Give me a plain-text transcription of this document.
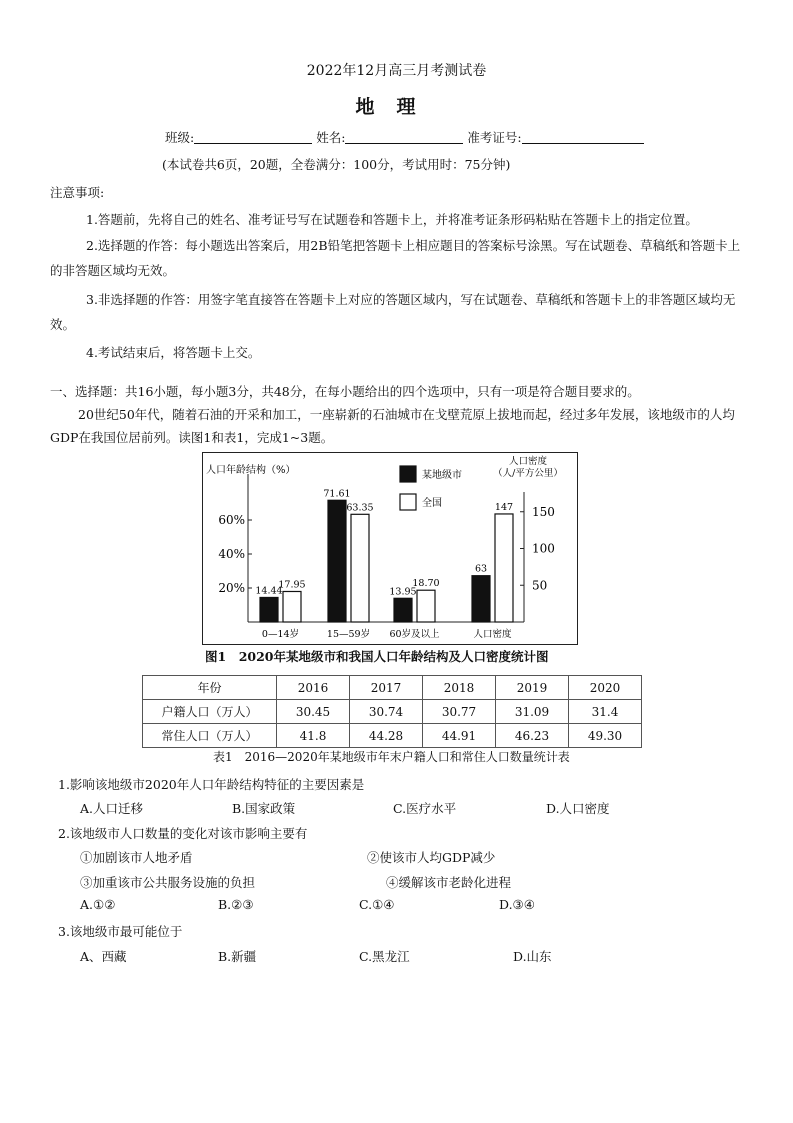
2022年12月高三月考测试卷
地理
班级:	姓名:	准考证号:
(本试卷共6页，20题，全卷满分：100分，考试用时：75分钟)
注意事项:

1.答题前，先将自己的姓名、准考证号写在试题卷和答题卡上，并将准考证条形码粘贴在答题卡上的指定位置。

2.选择题的作答：每小题选出答案后，用2B铅笔把答题卡上相应题目的答案标号涂黑。写在试题卷、草稿纸和答题卡上的非答题区域均无效。

3.非选择题的作答：用签字笔直接答在答题卡上对应的答题区域内，写在试题卷、草稿纸和答题卡上的非答题区域均无效。

4.考试结束后，将答题卡上交。

一、选择题：共16小题，每小题3分，共48分，在每小题给出的四个选项中，只有一项是符合题目要求的。

20世纪50年代，随着石油的开采和加工，一座崭新的石油城市在戈壁荒原上拔地而起，经过多年发展，该地级市的人均GDP在我国位居前列。读图1和表1，完成1~3题。

人口年龄结构（%）
人口密度（人/平方公里）
20%
40%
60%
50
100
150
14.44
17.95
0—14岁
71.61
63.35
15—59岁
13.95
18.70
60岁及以上
63
147
人口密度
某地级市
全国
图1　2020年某地级市和我国人口年龄结构及人口密度统计图
年份	2016	2017	2018	2019	2020
户籍人口（万人）	30.45	30.74	30.77	31.09	31.4
常住人口（万人）	41.8	44.28	44.91	46.23	49.30
表1　2016—2020年某地级市年末户籍人口和常住人口数量统计表
1.影响该地级市2020年人口年龄结构特征的主要因素是
A.人口迁移	B.国家政策	C.医疗水平	D.人口密度
2.该地级市人口数量的变化对该市影响主要有
①加剧该市人地矛盾	②使该市人均GDP减少
③加重该市公共服务设施的负担	④缓解该市老龄化进程
A.①②	B.②③	C.①④	D.③④
3.该地级市最可能位于
A、西藏	B.新疆	C.黑龙江	D.山东
